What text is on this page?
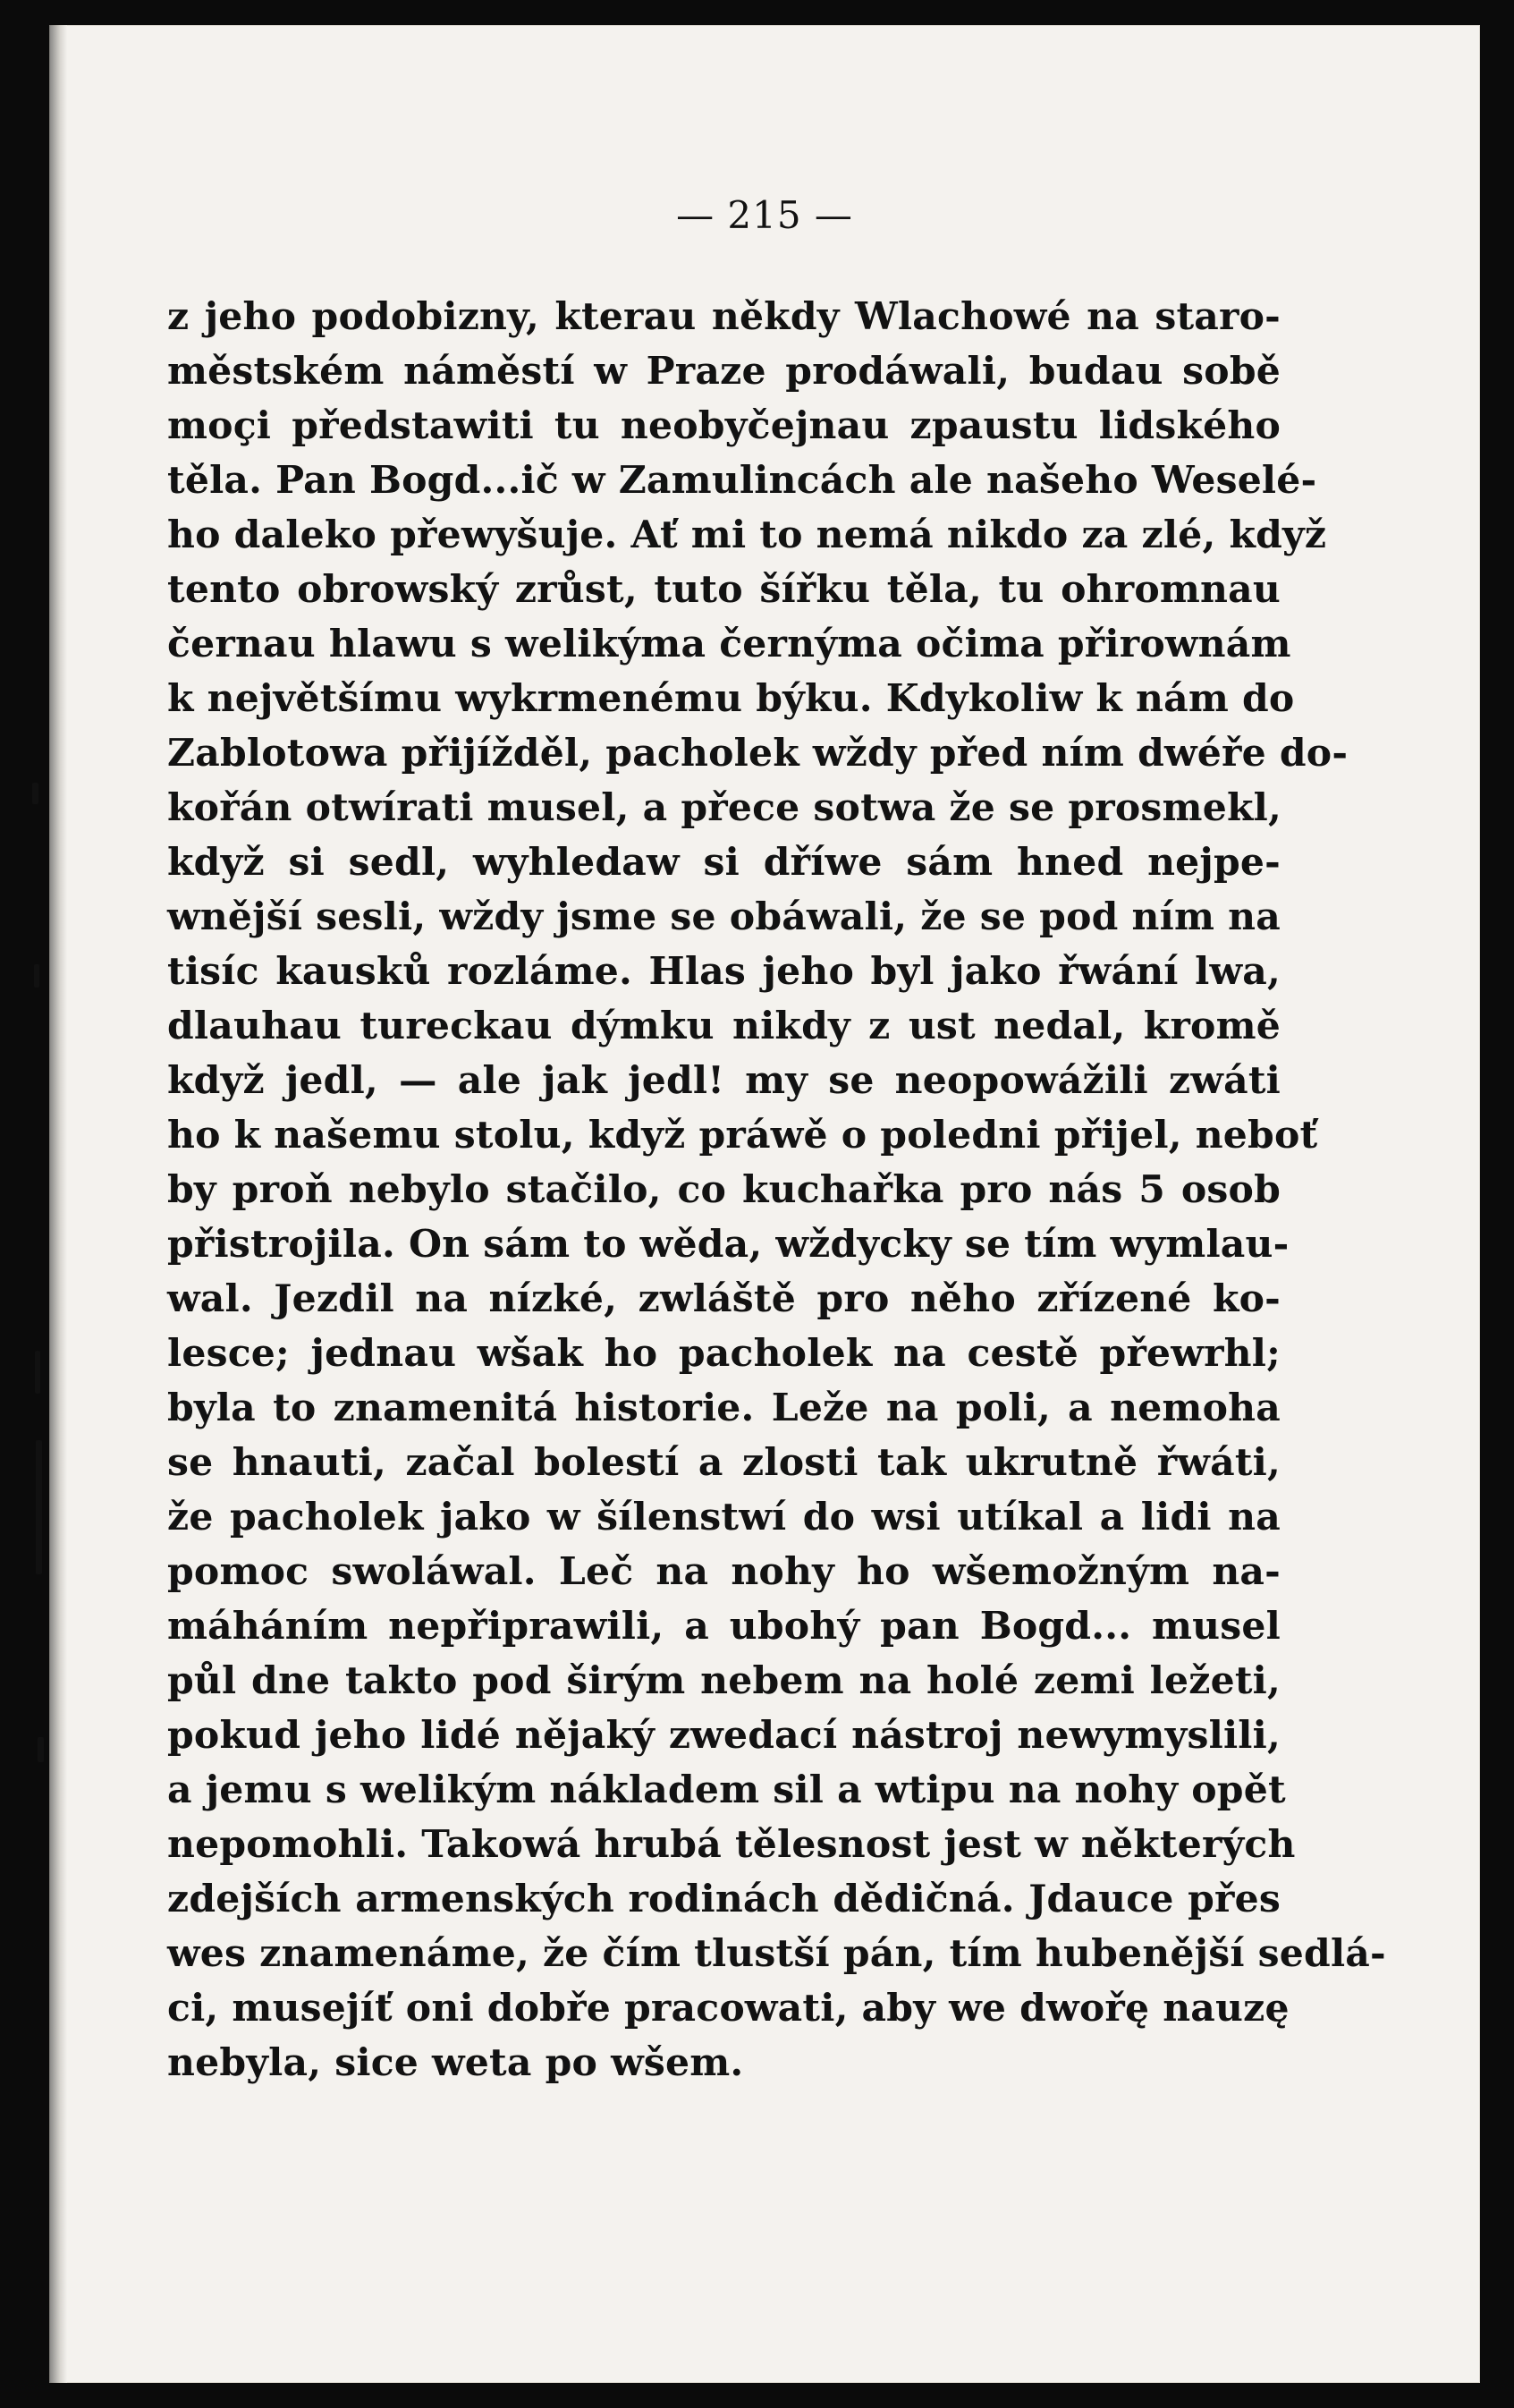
— 215 —
z jeho podobizny, kterau někdy Wlachowé na staro-
městském náměstí w Praze prodáwali, budau sobě
moçi předstawiti tu neobyčejnau zpaustu lidského
těla. Pan Bogd...ič w Zamulincách ale našeho Weselé-
ho daleko přewyšuje. Ať mi to nemá nikdo za zlé, když
tento obrowský zrůst, tuto šířku těla, tu ohromnau
černau hlawu s welikýma černýma očima přirownám
k největšímu wykrmenému býku. Kdykoliw k nám do
Zablotowa přijížděl, pacholek wždy před ním dwéře do-
kořán otwírati musel, a přece sotwa že se prosmekl,
když si sedl, wyhledaw si dříwe sám hned nejpe-
wnější sesli, wždy jsme se obáwali, že se pod ním na
tisíc kausků rozláme. Hlas jeho byl jako řwání lwa,
dlauhau tureckau dýmku nikdy z ust nedal, kromě
když jedl, — ale jak jedl! my se neopowážili zwáti
ho k našemu stolu, když práwě o poledni přijel, neboť
by proň nebylo stačilo, co kuchařka pro nás 5 osob
přistrojila. On sám to wěda, wždycky se tím wymlau-
wal. Jezdil na nízké, zwláště pro něho zřízené ko-
lesce; jednau wšak ho pacholek na cestě přewrhl;
byla to znamenitá historie. Leže na poli, a nemoha
se hnauti, začal bolestí a zlosti tak ukrutně řwáti,
že pacholek jako w šílenstwí do wsi utíkal a lidi na
pomoc swoláwal. Leč na nohy ho wšemožným na-
máháním nepřiprawili, a ubohý pan Bogd... musel
půl dne takto pod širým nebem na holé zemi ležeti,
pokud jeho lidé nějaký zwedací nástroj newymyslili,
a jemu s welikým nákladem sil a wtipu na nohy opět
nepomohli. Takowá hrubá tělesnost jest w některých
zdejších armenských rodinách dědičná. Jdauce přes
wes znamenáme, že čím tlustší pán, tím hubenější sedlá-
ci, musejíť oni dobře pracowati, aby we dwořę nauzę
nebyla, sice weta po wšem.
